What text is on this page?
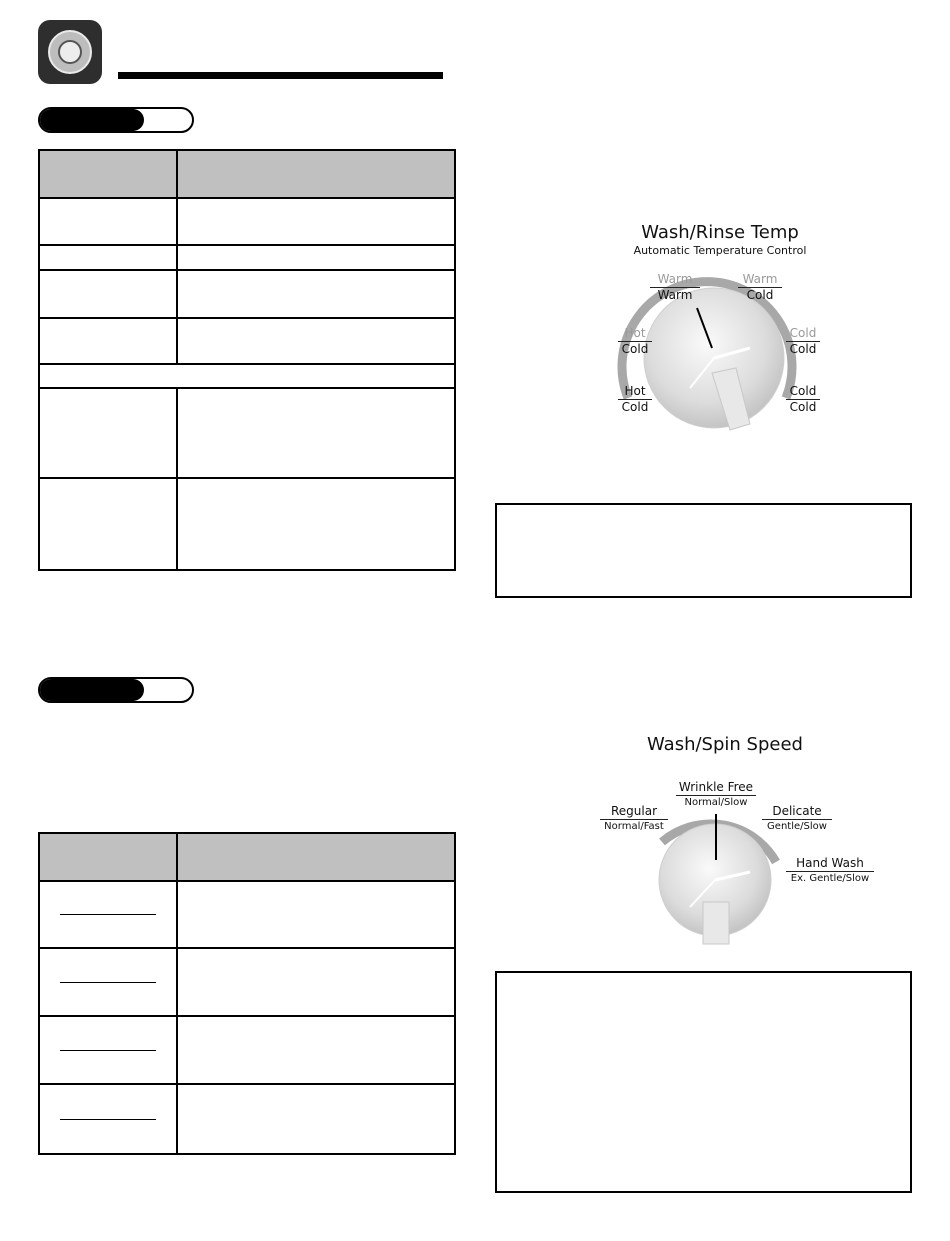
Wash/Rinse Temp
Automatic Temperature Control
Warm
Warm
Warm
Cold
Hot
Cold
Cold
Cold
Hot
Cold
Cold
Cold
Wash/Spin Speed
Wrinkle Free
Normal/Slow
Regular
Normal/Fast
Delicate
Gentle/Slow
Hand Wash
Ex. Gentle/Slow
